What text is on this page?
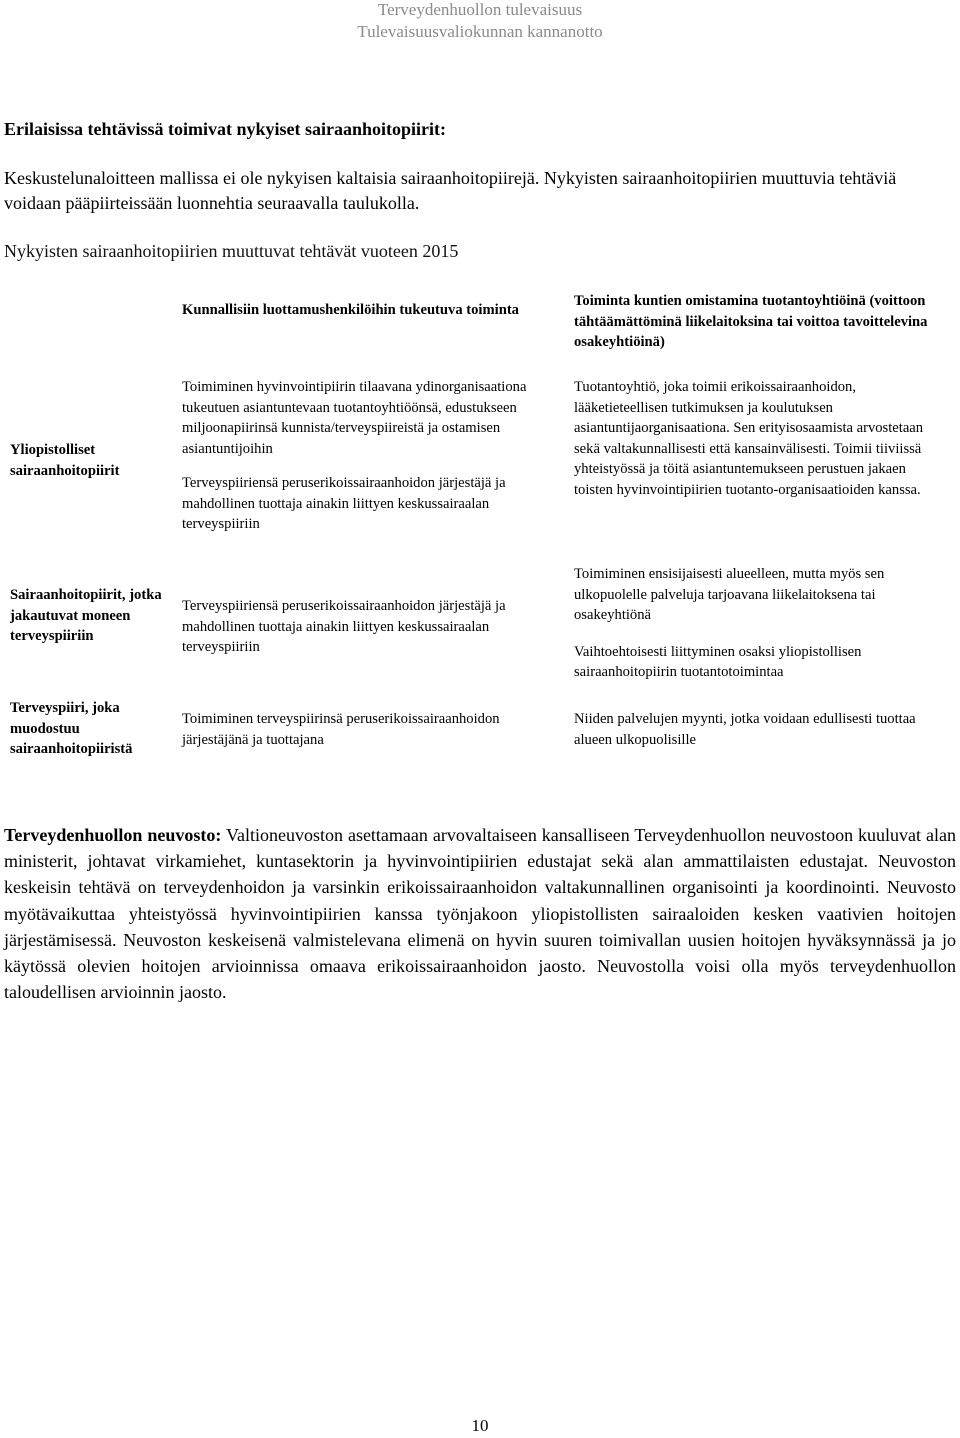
Terveydenhuollon tulevaisuus
Tulevaisuusvaliokunnan kannanotto
Erilaisissa tehtävissä toimivat nykyiset sairaanhoitopiirit:
Keskustelunaloitteen mallissa ei ole nykyisen kaltaisia sairaanhoitopiirejä. Nykyisten sairaanhoitopiirien muuttuvia tehtäviä voidaan pääpiirteissään luonnehtia seuraavalla taulukolla.
Nykyisten sairaanhoitopiirien muuttuvat tehtävät vuoteen 2015
Kunnallisiin luottamushenkilöihin tukeutuva toiminta
Toiminta kuntien omistamina tuotantoyhtiöinä (voittoon tähtäämättöminä liikelaitoksina tai voittoa tavoittelevina osakeyhtiöinä)
Yliopistolliset sairaanhoitopiirit

Toimiminen hyvinvointipiirin tilaavana ydinorganisaationa tukeutuen asiantuntevaan tuotantoyhtiöönsä, edustukseen miljoonapiirinsä kunnista/terveyspiireistä ja ostamisen asiantuntijoihin

Terveyspiiriensä peruserikoissairaanhoidon järjestäjä ja mahdollinen tuottaja ainakin liittyen keskussairaalan terveyspiiriin

Tuotantoyhtiö, joka toimii erikoissairaanhoidon, lääketieteellisen tutkimuksen ja koulutuksen asiantuntijaorganisaationa. Sen erityisosaamista arvostetaan sekä valtakunnallisesti että kansainvälisesti. Toimii tiiviissä yhteistyössä ja töitä asiantuntemukseen perustuen jakaen toisten hyvinvointipiirien tuotanto-organisaatioiden kanssa.

Sairaanhoitopiirit, jotka jakautuvat moneen terveyspiiriin

Terveyspiiriensä peruserikoissairaanhoidon järjestäjä ja mahdollinen tuottaja ainakin liittyen keskussairaalan terveyspiiriin

Toimiminen ensisijaisesti alueelleen, mutta myös sen ulkopuolelle palveluja tarjoavana liikelaitoksena tai osakeyhtiönä

Vaihtoehtoisesti liittyminen osaksi yliopistollisen sairaanhoitopiirin tuotantotoimintaa

Terveyspiiri, joka muodostuu sairaanhoitopiiristä

Toimiminen terveyspiirinsä peruserikoissairaanhoidon järjestäjänä ja tuottajana

Niiden palvelujen myynti, jotka voidaan edullisesti tuottaa alueen ulkopuolisille

Terveydenhuollon neuvosto: Valtioneuvoston asettamaan arvovaltaiseen kansalliseen Terveydenhuollon neuvostoon kuuluvat alan ministerit, johtavat virkamiehet, kuntasektorin ja hyvinvointipiirien edustajat sekä alan ammattilaisten edustajat. Neuvoston keskeisin tehtävä on terveydenhoidon ja varsinkin erikoissairaanhoidon valtakunnallinen organisointi ja koordinointi. Neuvosto myötävaikuttaa yhteistyössä hyvinvointipiirien kanssa työnjakoon yliopistollisten sairaaloiden kesken vaativien hoitojen järjestämisessä. Neuvoston keskeisenä valmistelevana elimenä on hyvin suuren toimivallan uusien hoitojen hyväksynnässä ja jo käytössä olevien hoitojen arvioinnissa omaava erikoissairaanhoidon jaosto. Neuvostolla voisi olla myös terveydenhuollon taloudellisen arvioinnin jaosto.
10
